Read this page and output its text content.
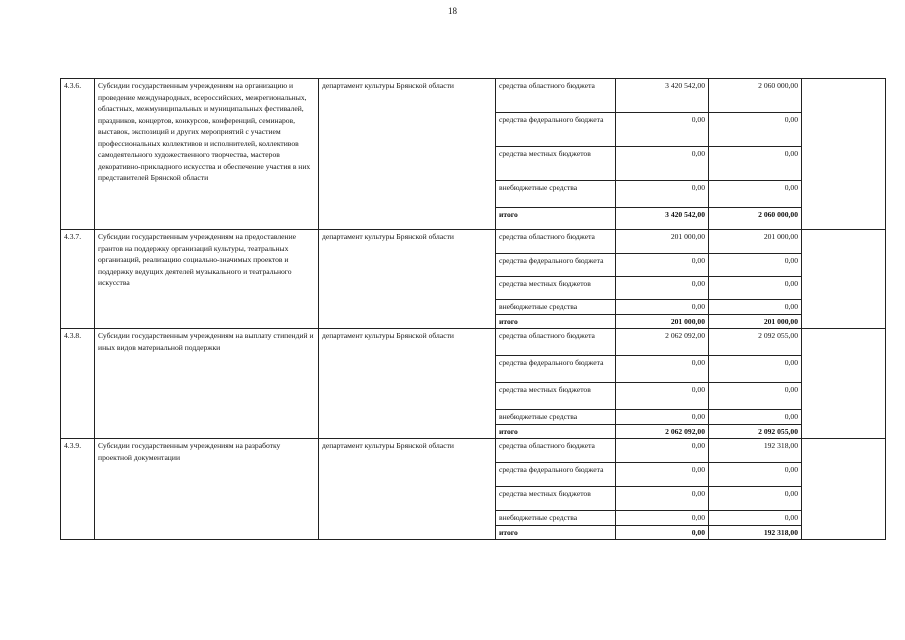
18
4.3.6.	Субсидии государственным учреждениям на организацию и проведение международных, всероссийских, межрегиональных, областных, межмуниципальных и муниципальных фестивалей, праздников, концертов, конкурсов, конференций, семинаров, выставок, экспозиций и других мероприятий с участием профессиональных коллективов и исполнителей, коллективов самодеятельного художественного творчества, мастеров декоративно-прикладного искусства и обеспечение участия в них представителей Брянской области	департамент культуры Брянской области	средства областного бюджета	3 420 542,00	2 060 000,00	
			средства федерального бюджета	0,00	0,00	
			средства местных бюджетов	0,00	0,00	
			внебюджетные средства	0,00	0,00	
			итого	3 420 542,00	2 060 000,00	
4.3.7.	Субсидии государственным учреждениям на предоставление грантов на поддержку организаций культуры, театральных организаций, реализацию социально-значимых проектов и поддержку ведущих деятелей музыкального и театрального искусства	департамент культуры Брянской области	средства областного бюджета	201 000,00	201 000,00	
			средства федерального бюджета	0,00	0,00	
			средства местных бюджетов	0,00	0,00	
			внебюджетные средства	0,00	0,00	
			итого	201 000,00	201 000,00	
4.3.8.	Субсидии государственным учреждениям на выплату стипендий и иных видов материальной поддержки	департамент культуры Брянской области	средства областного бюджета	2 062 092,00	2 092 055,00	
			средства федерального бюджета	0,00	0,00	
			средства местных бюджетов	0,00	0,00	
			внебюджетные средства	0,00	0,00	
			итого	2 062 092,00	2 092 055,00	
4.3.9.	Субсидии государственным учреждениям на разработку проектной документации	департамент культуры Брянской области	средства областного бюджета	0,00	192 318,00	
			средства федерального бюджета	0,00	0,00	
			средства местных бюджетов	0,00	0,00	
			внебюджетные средства	0,00	0,00	
			итого	0,00	192 318,00	
